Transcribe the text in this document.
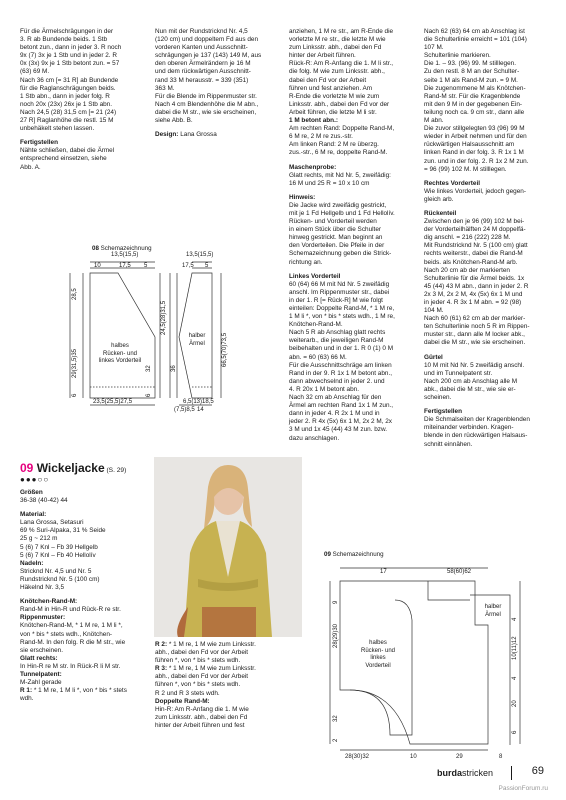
Für die Ärmelschrägungen in der
3. R ab Bundende beids. 1 Stb
betont zun., dann in jeder 3. R noch
9x (7) 3x je 1 Stb und in jeder 2. R
0x (3x) 9x je 1 Stb betont zun. = 57
(63) 69 M.
Nach 36 cm [= 31 R] ab Bundende
für die Raglanschrägungen beids.
1 Stb abn., dann in jeder folg. R
noch 20x (23x) 26x je 1 Stb abn.
Nach 24,5 (28) 31,5 cm [= 21 (24)
27 R] Raglanhöhe die restl. 15 M
unbehäkelt stehen lassen.

Fertigstellen

Nähte schließen, dabei die Ärmel
entsprechend einsetzen, siehe
Abb. A.

Nun mit der Rundstricknd Nr. 4,5
(120 cm) und doppeltem Fd aus den
vorderen Kanten und Ausschnitt-
schrägungen je 137 (143) 149 M, aus
den oberen Ärmelrändern je 16 M
und dem rückwärtigen Ausschnitt-
rand 33 M herausstr. = 339 (351)
363 M.
Für die Blende im Rippenmuster str.
Nach 4 cm Blendenhöhe die M abn.,
dabei die M str., wie sie erscheinen,
siehe Abb. B.

Design: Lana Grossa

anziehen, 1 M re str., am R-Ende die
vorletzte M re str., die letzte M wie
zum Linksstr. abh., dabei den Fd
hinter der Arbeit führen.
Rück-R: Am R-Anfang die 1. M li str.,
die folg. M wie zum Linksstr. abh.,
dabei den Fd vor der Arbeit
führen und fest anziehen. Am
R-Ende die vorletzte M wie zum
Linksstr. abh., dabei den Fd vor der
Arbeit führen, die letzte M li str.

1 M betont abn.:

Am rechten Rand: Doppelte Rand-M,
6 M re, 2 M re zus.-str.
Am linken Rand: 2 M re überzg.
zus.-str., 6 M re, doppelte Rand-M.

Maschenprobe:

Glatt rechts, mit Nd Nr. 5, zweifädig:
16 M und 25 R = 10 x 10 cm

Hinweis:

Die Jacke wird zweifädig gestrickt,
mit je 1 Fd Hellgelb und 1 Fd Hellolív.
Rücken- und Vorderteil werden
in einem Stück über die Schulter
hinweg gestrickt. Man beginnt an
den Vorderteilen. Die Pfeile in der
Schemazeichnung geben die Strick-
richtung an.

Linkes Vorderteil

60 (64) 66 M mit Nd Nr. 5 zweifädig
anschl. Im Rippenmuster str., dabei
in der 1. R [= Rück-R] M wie folgt
einteilen: Doppelte Rand-M, * 1 M re,
1 M li *, von * bis * stets wdh., 1 M re,
Knötchen-Rand-M.
Nach 5 R ab Anschlag glatt rechts
weiterarb., die jeweiligen Rand-M
beibehalten und in der 1. R 0 (1) 0 M
abn. = 60 (63) 66 M.
Für die Ausschnittschräge am linken
Rand in der 9. R 1x 1 M betont abn.,
dann abwechselnd in jeder 2. und
4. R 20x 1 M betont abn.
Nach 32 cm ab Anschlag für den
Ärmel am rechten Rand 1x 1 M zun.,
dann in jeder 4. R 2x 1 M und in
jeder 2. R 4x (5x) 6x 1 M, 2x 2 M, 2x
3 M und 1x 45 (44) 43 M zun. bzw.
dazu anschlagen.

Nach 62 (63) 64 cm ab Anschlag ist
die Schulterlinie erreicht = 101 (104)
107 M.
Schulterlinie markieren.
Die 1. – 93. (96) 99. M stilllegen.
Zu den restl. 8 M an der Schulter-
seite 1 M als Rand-M zun. = 9 M.
Die zugenommene M als Knötchen-
Rand-M str. Für die Kragenblende
mit den 9 M in der gegebenen Ein-
teilung noch ca. 9 cm str., dann alle
M abn.
Die zuvor stillgelegten 93 (96) 99 M
wieder in Arbeit nehmen und für den
rückwärtigen Halsausschnitt am
linken Rand in der folg. 3. R 1x 1 M
zun. und in der folg. 2. R 1x 2 M zun.
= 96 (99) 102 M. M stilllegen.

Rechtes Vorderteil

Wie linkes Vorderteil, jedoch gegen-
gleich arb.

Rückenteil

Zwischen den je 96 (99) 102 M bei-
der Vorderteilhälften 24 M doppelfä-
dig anschl. = 216 (222) 228 M.
Mit Rundstricknd Nr. 5 (100 cm) glatt
rechts weiterstr., dabei die Rand-M
beids. als Knötchen-Rand-M arb.
Nach 20 cm ab der markierten
Schulterlinie für die Ärmel beids. 1x
45 (44) 43 M abn., dann in jeder 2. R
2x 3 M, 2x 2 M, 4x (5x) 6x 1 M und
in jeder 4. R 3x 1 M abn. = 92 (98)
104 M.
Nach 60 (61) 62 cm ab der markier-
ten Schulterlinie noch 5 R im Rippen-
muster str., dann alle M locker abk.,
dabei die M str., wie sie erscheinen.

Gürtel

10 M mit Nd Nr. 5 zweifädig anschl.
und im Tunnelpatent str.
Nach 200 cm ab Anschlag alle M
abk., dabei die M str., wie sie er-
scheinen.

Fertigstellen

Die Schmalseiten der Kragenblenden
miteinander verbinden. Kragen-
blende in den rückwärtigen Halsaus-
schnitt einnähen.

08 Schemazeichnung
13,5(15,5)
10	17,5 5
28,5
29(31,5)35
6
24,5(28)31,5
32	36
66,5(70)73,5
23,5(25,5)27,5
6
6,5(13)18,5
(7,5)8,5 14
13,5(15,5)
17,5 5
halbes
Rücken- und
linkes Vorderteil
halber
Ärmel
09 Wickeljacke (S. 29)
●●●○○

Größen

36-38 (40-42) 44

Material:

Lana Grossa, Setasuri
69 % Suri-Alpaka, 31 % Seide
25 g ~ 212 m
5 (6) 7 Knl – Fb 39 Hellgelb
5 (6) 7 Knl – Fb 40 Hellolív

Nadeln:

Stricknd Nr. 4,5 und Nr. 5
Rundstricknd Nr. 5 (100 cm)
Häkelnd Nr. 3,5

Knötchen-Rand-M:

Rand-M in Hin-R und Rück-R re str.

Rippenmuster:

Knötchen-Rand-M, * 1 M re, 1 M li *,
von * bis * stets wdh., Knötchen-
Rand-M. In den folg. R die M str., wie
sie erscheinen.

Glatt rechts:

In Hin-R re M str. In Rück-R li M str.

Tunnelpatent:

M-Zahl gerade

R 1: * 1 M re, 1 M li *, von * bis * stets
wdh.

R 2: * 1 M re, 1 M wie zum Linksstr.
abh., dabei den Fd vor der Arbeit
führen *, von * bis * stets wdh.

R 3: * 1 M re, 1 M wie zum Linksstr.
abh., dabei den Fd vor der Arbeit
führen *, von * bis * stets wdh.
R 2 und R 3 stets wdh.

Doppelte Rand-M:

Hin-R: Am R-Anfang die 1. M wie
zum Linksstr. abh., dabei den Fd
hinter der Arbeit führen und fest

09 Schemazeichnung
17	58(60)62
9
28(29)30
32
2
20
10(11)12
4
6
4
28(30)32	10	29	8
halbes
Rücken- und
linkes
Vorderteil
halber
Ärmel
burdastricken	69
PassionForum.ru
